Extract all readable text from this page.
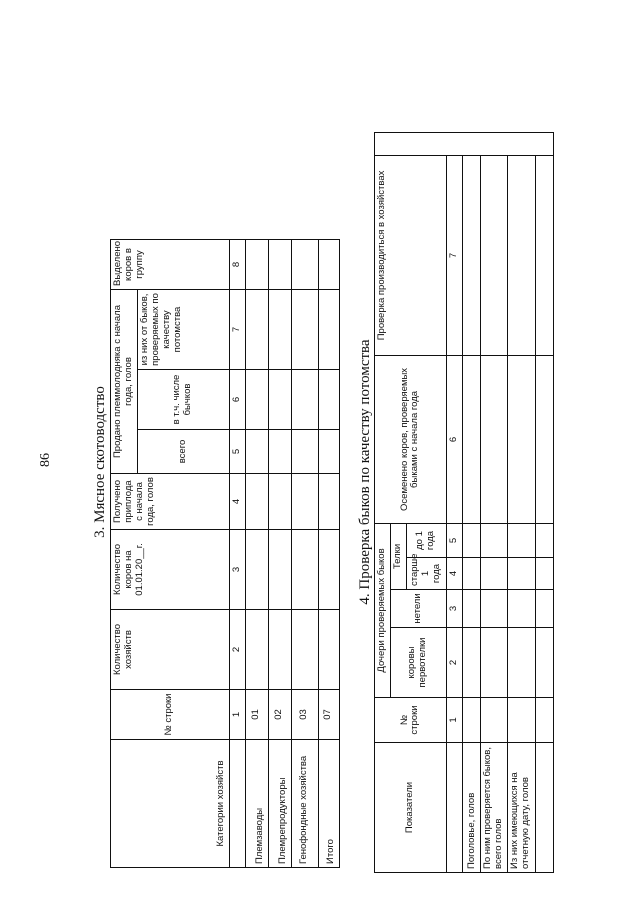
86	3. Мясное скотоводство	4. Проверка быков по качеству потомства
Категории хозяйств	№ строки	Количество хозяйств	Количество коров на 01.01.20__г.	Получено приплода с начала года, голов	Продано племмолодняка с начала года, голов			Выделено коров в группу
					всего	в т.ч. числе бычков	из них от быков, проверяемых по качеству потомства	
	1	2	3	4	5	6	7	8
Племзаводы	01							
Племрепродукторы	02							
Генофондные хозяйства	03							
Итого	07							
Показатели	№ строки	Дочери проверяемых быков				Осеменено коров, проверяемых быками с начала года	Проверка производиться в хозяйствах	
		коровы первотелки	нетели	Телки				
				старше 1 года	до 1 года			
	1	2	3	4	5	6	7	
Поголовье, голов								
По ним проверяется быков, всего голов								
Из них имеющихся на отчетную дату, голов								
